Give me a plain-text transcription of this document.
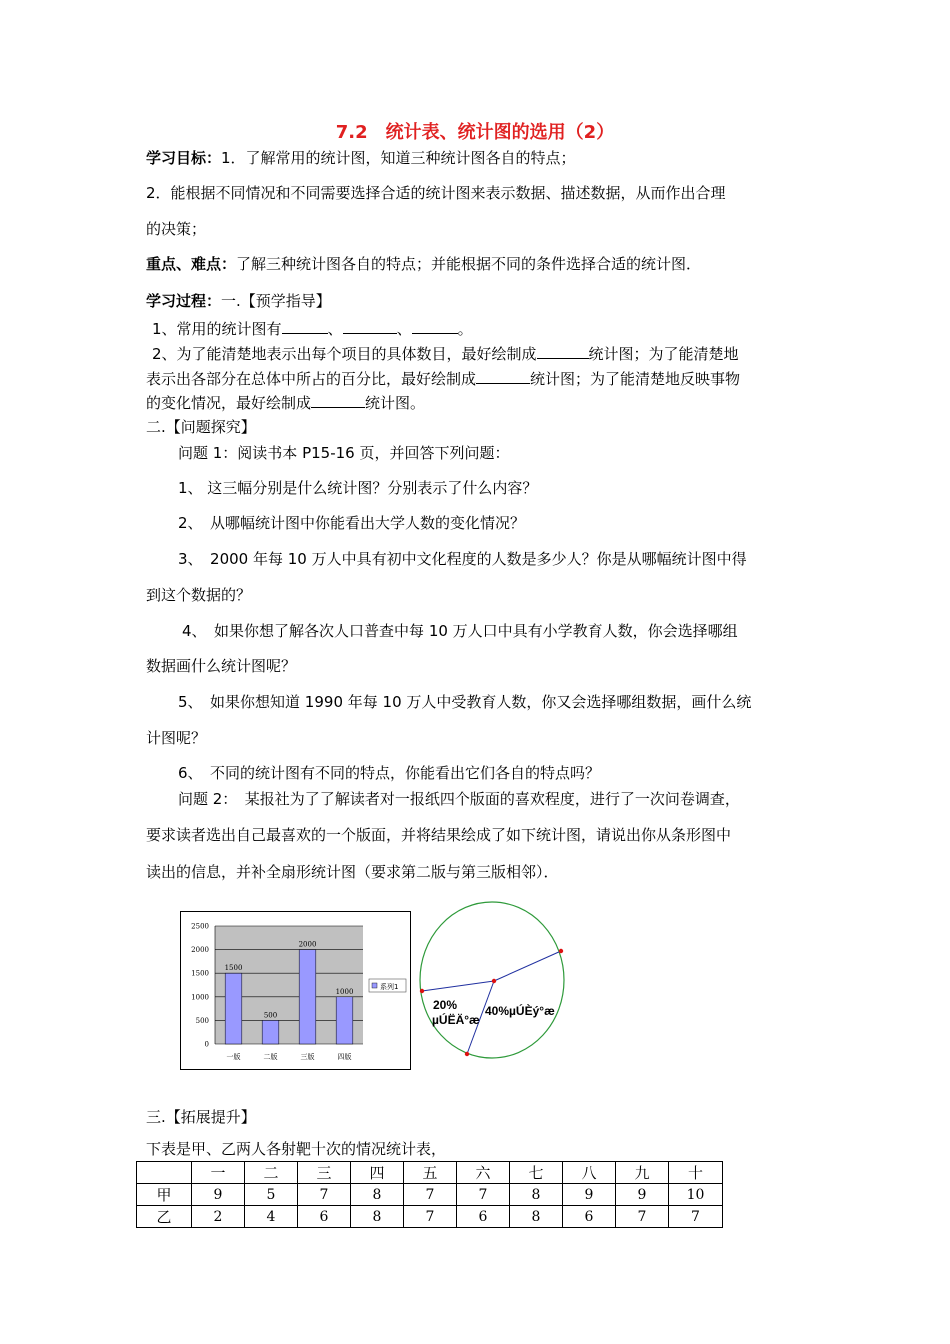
7.2　统计表、统计图的选用（2）
学习目标：1．了解常用的统计图，知道三种统计图各自的特点；
2．能根据不同情况和不同需要选择合适的统计图来表示数据、描述数据，从而作出合理
的决策；
重点、难点：了解三种统计图各自的特点；并能根据不同的条件选择合适的统计图．
学习过程：一.【预学指导】
1、常用的统计图有	、	、	。
2、为了能清楚地表示出每个项目的具体数目，最好绘制成	统计图；为了能清楚地
表示出各部分在总体中所占的百分比，最好绘制成	统计图；为了能清楚地反映事物
的变化情况，最好绘制成	统计图。
二.【问题探究】
问题 1：阅读书本 P15-16 页，并回答下列问题：
1、 这三幅分别是什么统计图？分别表示了什么内容？
2、　从哪幅统计图中你能看出大学人数的变化情况？
3、　2000 年每 10 万人中具有初中文化程度的人数是多少人？你是从哪幅统计图中得
到这个数据的？
4、　如果你想了解各次人口普查中每 10 万人口中具有小学教育人数，你会选择哪组
数据画什么统计图呢？
5、　如果你想知道 1990 年每 10 万人中受教育人数，你又会选择哪组数据，画什么统
计图呢？
6、　不同的统计图有不同的特点，你能看出它们各自的特点吗？
问题 2：　某报社为了了解读者对一报纸四个版面的喜欢程度，进行了一次问卷调查，
要求读者选出自己最喜欢的一个版面，并将结果绘成了如下统计图，请说出你从条形图中
读出的信息，并补全扇形统计图（要求第二版与第三版相邻）．
0
500
1000
1500
2000
2500
一版	二版	三版	四版
1500
500
2000
1000
系列1
20%
µÚËÄ°æ
40%µÚÈý°æ
三.【拓展提升】
下表是甲、乙两人各射靶十次的情况统计表，
	一	二	三	四	五	六	七	八	九	十
甲	9	5	7	8	7	7	8	9	9	10
乙	2	4	6	8	7	6	8	6	7	7
